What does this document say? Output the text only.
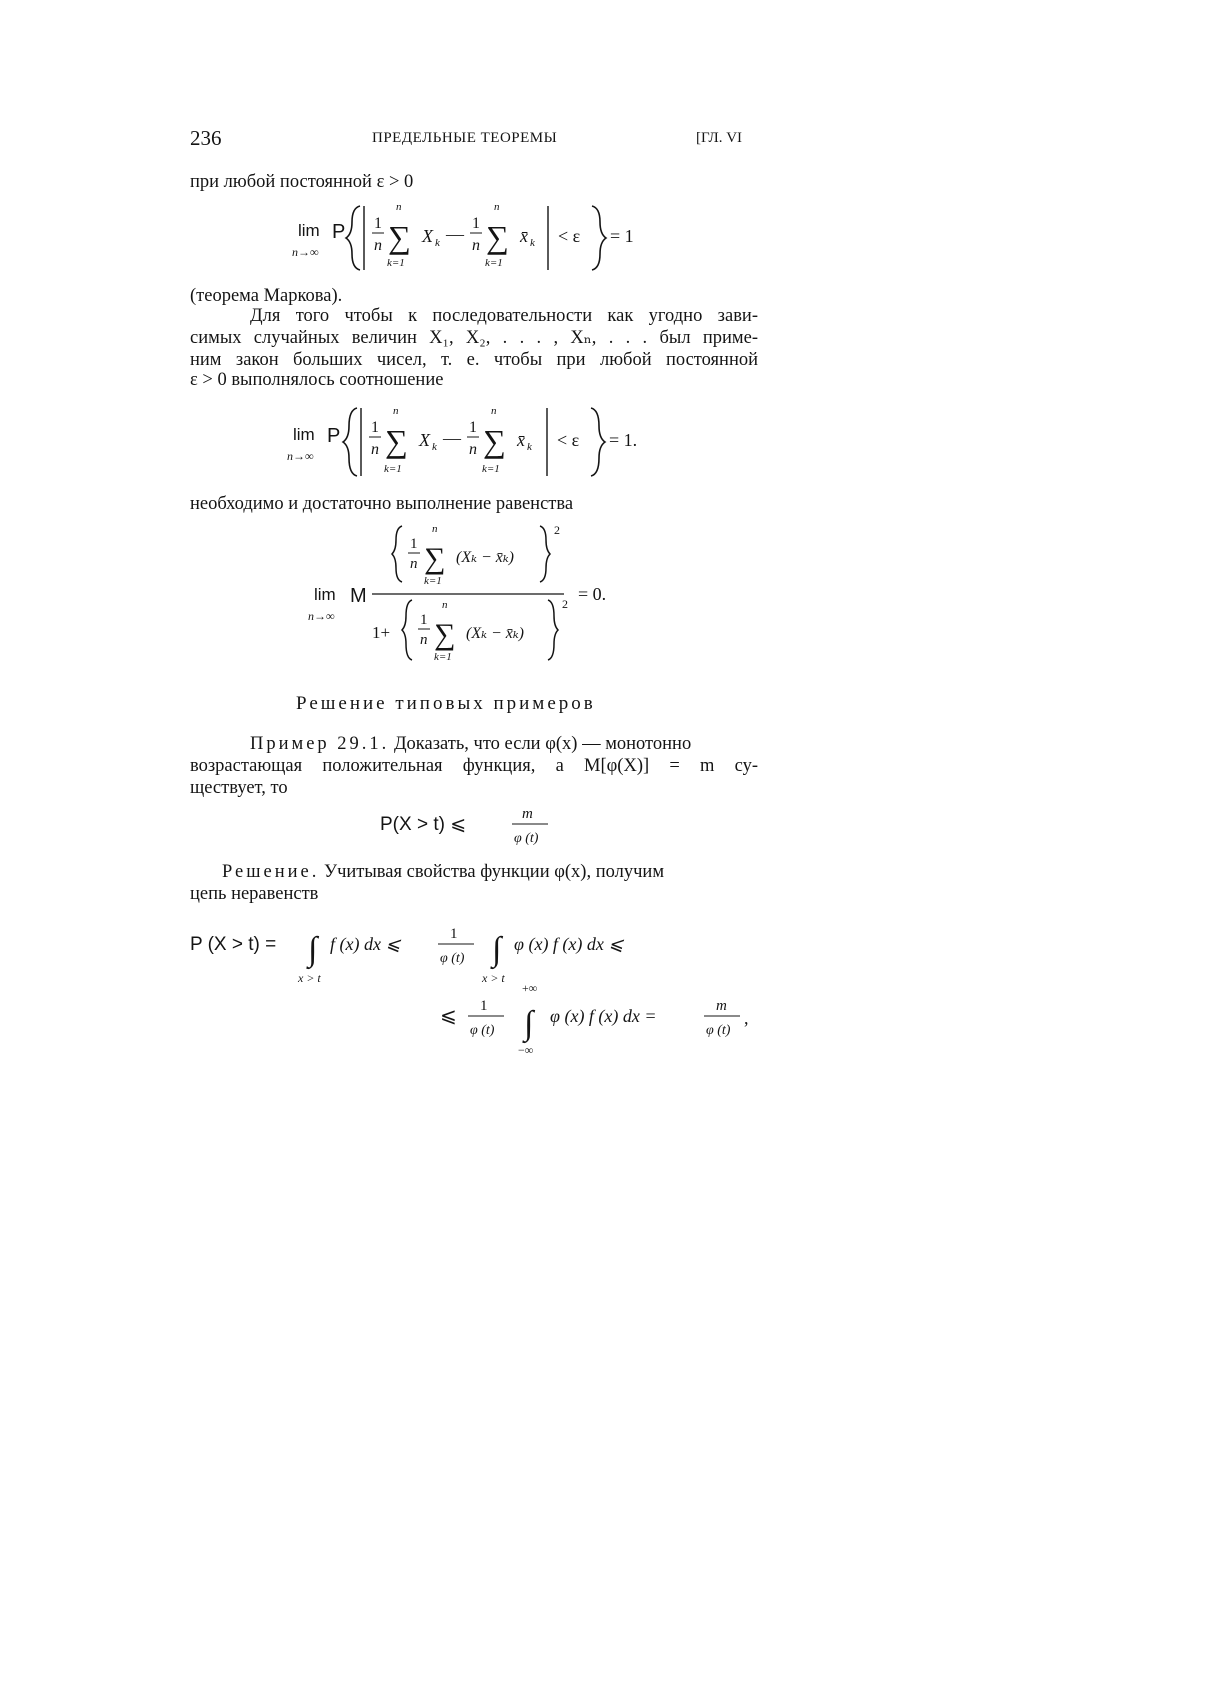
236	ПРЕДЕЛЬНЫЕ ТЕОРЕМЫ	[ГЛ. VI
при любой постоянной ε > 0
lim
n→∞
P 1
n
n
∑
k=1
X k —
1
n
n
∑
k=1
x̄ k < ε = 1
(теорема Маркова).
Для того чтобы к последовательности как угодно зави-
симых случайных величин X₁, X₂, . . . , Xₙ, . . . был приме-
ним закон больших чисел, т. е. чтобы при любой постоянной
ε > 0 выполнялось соотношение
lim
n→∞
P 1
n
n
∑
k=1
X k —
1
n
n
∑
k=1
x̄ k < ε = 1.
необходимо и достаточно выполнение равенства
lim
n→∞
M
1
n
n
∑
k=1
(Xₖ − x̄ₖ)
2
1+
1
n
n
∑
k=1
(Xₖ − x̄ₖ)
2 = 0.
Решение типовых примеров
Пример 29.1. Доказать, что если φ(x) — монотонно
возрастающая положительная функция, а M[φ(X)] = m су-
ществует, то
P(X > t) ⩽	m
φ (t)
Решение. Учитывая свойства функции φ(x), получим
цепь неравенств
P (X > t) = ∫
x > t
f (x) dx ⩽	1
φ (t) ∫
x > t
φ (x) f (x) dx ⩽
⩽ 1
φ (t)
+∞
∫
−∞
φ (x) f (x) dx =	m
φ (t)
,
